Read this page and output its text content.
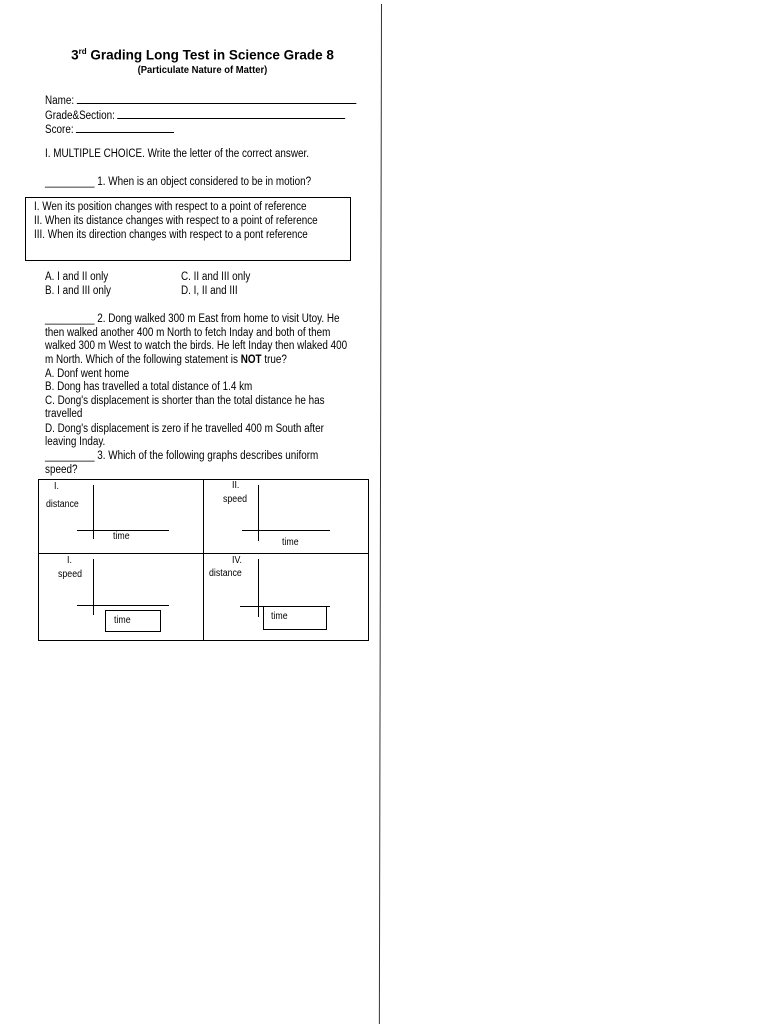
3rd Grading Long Test in Science Grade 8
(Particulate Nature of Matter)
Name:
Grade&Section:
Score:
I. MULTIPLE CHOICE. Write the letter of the correct answer.
_________ 1. When is an object considered to be in motion?
I. Wen its position changes with respect to a point of reference
II. When its distance changes with respect to a point of reference
III. When its direction changes with respect to a pont reference
A. I and II only
B. I and III only
C. II and III only
D. I, II and III
_________ 2. Dong walked 300 m East from home to visit Utoy. He
then walked another 400 m North to fetch Inday and both of them
walked 300 m West to watch the birds. He left Inday then wlaked 400
m North. Which of the following statement is NOT true?
A. Donf went home
B. Dong has travelled a total distance of 1.4 km
C. Dong's displacement is shorter than the total distance he has
travelled
D. Dong's displacement is zero if he travelled 400 m South after
leaving Inday.
_________ 3. Which of the following graphs describes uniform
speed?
I.
distance
time
II.
speed
time
I.
speed
time
IV.
distance
time
